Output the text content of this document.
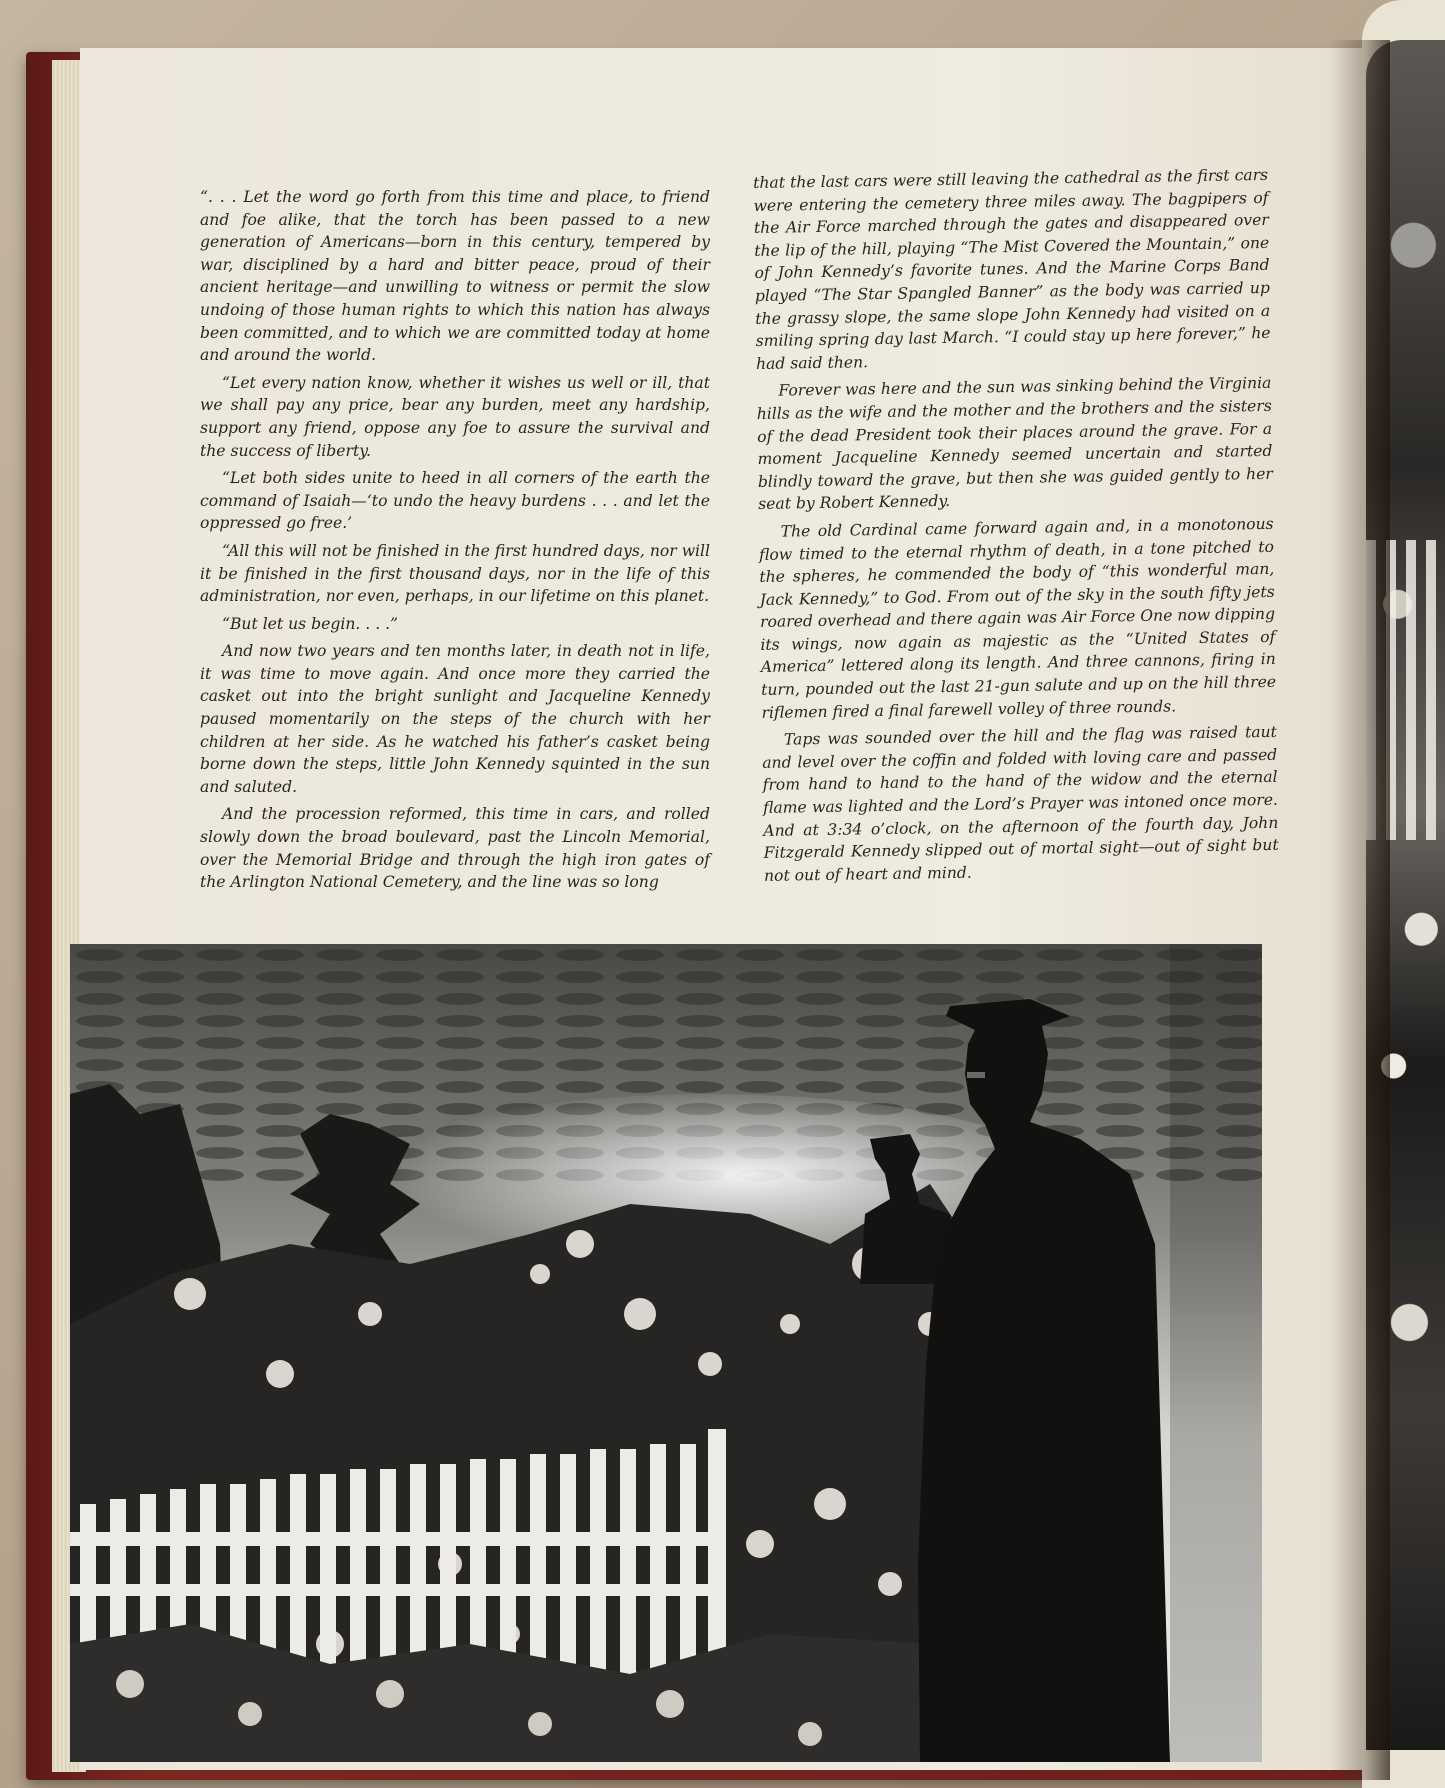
“. . . Let the word go forth from this time and place, to friend and foe alike, that the torch has been passed to a new generation of Americans—born in this century, tempered by war, disciplined by a hard and bitter peace, proud of their ancient heritage—and unwilling to witness or permit the slow undoing of those human rights to which this nation has always been committed, and to which we are committed today at home and around the world.

“Let every nation know, whether it wishes us well or ill, that we shall pay any price, bear any burden, meet any hardship, support any friend, oppose any foe to assure the survival and the success of liberty.

“Let both sides unite to heed in all corners of the earth the command of Isaiah—‘to undo the heavy burdens . . . and let the oppressed go free.’

“All this will not be finished in the first hundred days, nor will it be finished in the first thousand days, nor in the life of this administration, nor even, perhaps, in our lifetime on this planet.

“But let us begin. . . .”

And now two years and ten months later, in death not in life, it was time to move again. And once more they carried the casket out into the bright sunlight and Jacqueline Kennedy paused momentarily on the steps of the church with her children at her side. As he watched his father’s casket being borne down the steps, little John Kennedy squinted in the sun and saluted.

And the procession reformed, this time in cars, and rolled slowly down the broad boulevard, past the Lincoln Memorial, over the Memorial Bridge and through the high iron gates of the Arlington National Cemetery, and the line was so long

that the last cars were still leaving the cathedral as the first cars were entering the cemetery three miles away. The bagpipers of the Air Force marched through the gates and disappeared over the lip of the hill, playing “The Mist Covered the Mountain,” one of John Kennedy’s favorite tunes. And the Marine Corps Band played “The Star Spangled Banner” as the body was carried up the grassy slope, the same slope John Kennedy had visited on a smiling spring day last March. “I could stay up here forever,” he had said then.

Forever was here and the sun was sinking behind the Virginia hills as the wife and the mother and the brothers and the sisters of the dead President took their places around the grave. For a moment Jacqueline Kennedy seemed uncertain and started blindly toward the grave, but then she was guided gently to her seat by Robert Kennedy.

The old Cardinal came forward again and, in a monotonous flow timed to the eternal rhythm of death, in a tone pitched to the spheres, he commended the body of “this wonderful man, Jack Kennedy,” to God. From out of the sky in the south fifty jets roared overhead and there again was Air Force One now dipping its wings, now again as majestic as the “United States of America” lettered along its length. And three cannons, firing in turn, pounded out the last 21-gun salute and up on the hill three riflemen fired a final farewell volley of three rounds.

Taps was sounded over the hill and the flag was raised taut and level over the coffin and folded with loving care and passed from hand to hand to the hand of the widow and the eternal flame was lighted and the Lord’s Prayer was intoned once more. And at 3:34 o’clock, on the afternoon of the fourth day, John Fitzgerald Kennedy slipped out of mortal sight—out of sight but not out of heart and mind.
